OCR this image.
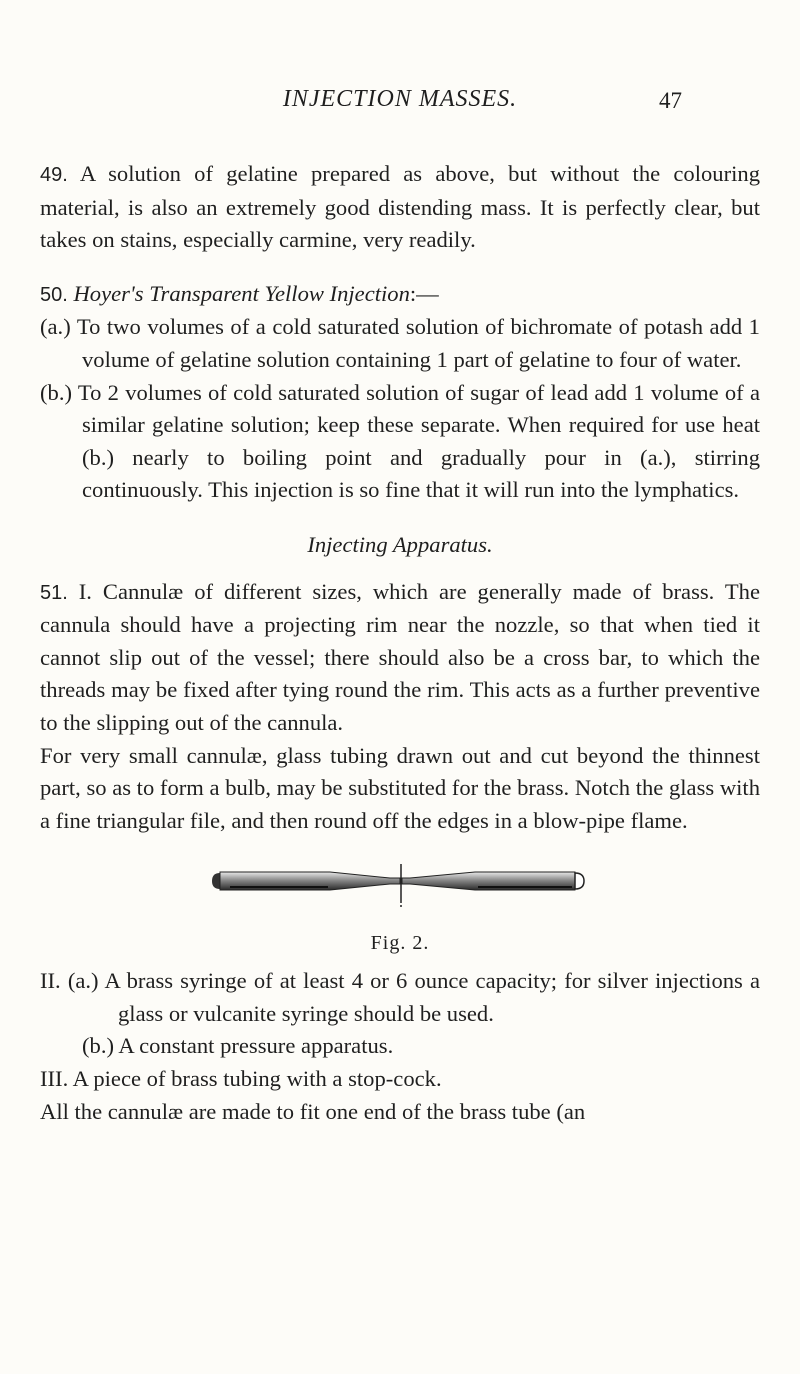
INJECTION MASSES.	47

49. A solution of gelatine prepared as above, but without the colouring material, is also an extremely good distending mass. It is perfectly clear, but takes on stains, especially carmine, very readily.

50. Hoyer's Transparent Yellow Injection:—

(a.) To two volumes of a cold saturated solution of bichromate of potash add 1 volume of gelatine solution containing 1 part of gelatine to four of water.

(b.) To 2 volumes of cold saturated solution of sugar of lead add 1 volume of a similar gelatine solution; keep these separate. When required for use heat (b.) nearly to boiling point and gradually pour in (a.), stirring continuously. This injection is so fine that it will run into the lymphatics.

Injecting Apparatus.

51. I. Cannulæ of different sizes, which are generally made of brass. The cannula should have a projecting rim near the nozzle, so that when tied it cannot slip out of the vessel; there should also be a cross bar, to which the threads may be fixed after tying round the rim. This acts as a further preventive to the slipping out of the cannula.

For very small cannulæ, glass tubing drawn out and cut beyond the thinnest part, so as to form a bulb, may be substituted for the brass. Notch the glass with a fine triangular file, and then round off the edges in a blow-pipe flame.

Fig. 2.

II. (a.) A brass syringe of at least 4 or 6 ounce capacity; for silver injections a glass or vulcanite syringe should be used.

(b.) A constant pressure apparatus.

III. A piece of brass tubing with a stop-cock.

All the cannulæ are made to fit one end of the brass tube (an
